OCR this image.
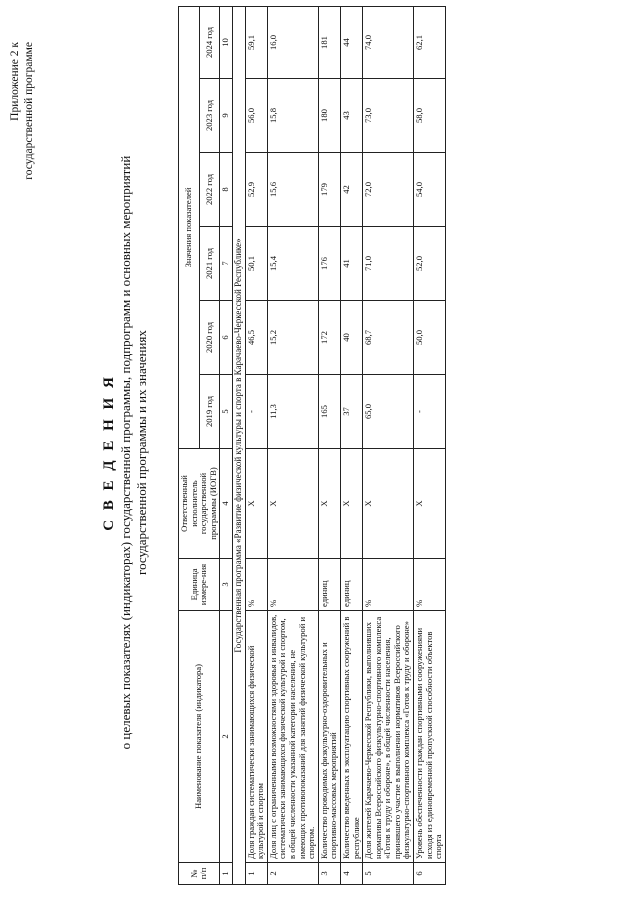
Приложение 2 к государственной программе
С В Е Д Е Н И Я о целевых показателях (индикаторах) государственной программы, подпрограмм и основных мероприятий государственной программы и их значениях
№ п/п	Наименование показателя (индикатора)	Единица измере-ния	Ответственный исполнитель государственной программы (ИОГВ)	Значения показателей					
				2019 год	2020 год	2021 год	2022 год	2023 год	2024 год
1	2	3	4	5	6	7	8	9	10
Государственная программа «Развитие физической культуры и спорта в Карачаево-Черкесской Республике»									
1	Доля граждан систематически занимающихся физической культурой и спортом	%	Х	-	46,5	50,1	52,9	56,0	59,1
2	Доля лиц с ограниченными возможностями здоровья и инвалидов, систематически занимающихся физической культурой и спортом, в общей численности указанной категории населения, не имеющих противопоказаний для занятий физической культурой и спортом.	%	Х	11,3	15,2	15,4	15,6	15,8	16,0
3	Количество проводимых физкультурно-оздоровительных и спортивно-массовых мероприятий	единиц	Х	165	172	176	179	180	181
4	Количество введенных в эксплуатацию спортивных сооружений в республике	единиц	Х	37	40	41	42	43	44
5	Доля жителей Карачаево-Черкесской Республики, выполнивших нормативы Всероссийского физкультурно-спортивного комплекса «Готов к труду и обороне», в общей численности населения, принявшего участие в выполнении нормативов Всероссийского физкультурно-спортивного комплекса «Готов к труду и обороне»	%	Х	65,0	68,7	71,0	72,0	73,0	74,0
6	Уровень обеспеченности граждан спортивными сооружениями исходя из единовременной пропускной способности объектов спорта	%	Х	-	50,0	52,0	54,0	58,0	62,1
